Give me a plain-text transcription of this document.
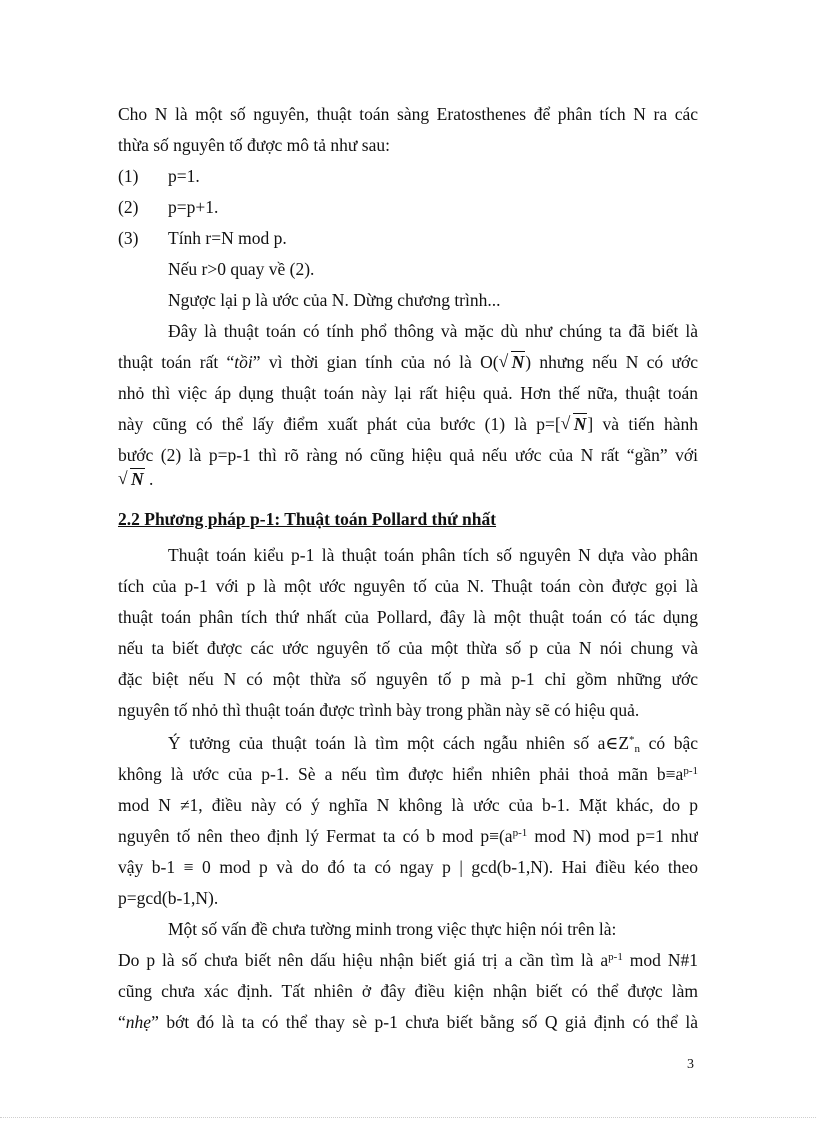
Cho N là một số nguyên, thuật toán sàng Eratosthenes để phân tích N ra các
thừa số nguyên tố được mô tả như sau:
(1) p=1.
(2) p=p+1.
(3) Tính r=N mod p.
Nếu r>0 quay về (2).
Ngược lại p là ước của N. Dừng chương trình...
Đây là thuật toán có tính phổ thông và mặc dù như chúng ta đã biết là
thuật toán rất “tồi” vì thời gian tính của nó là O( √ N) nhưng nếu N có ước
nhỏ thì việc áp dụng thuật toán này lại rất hiệu quả. Hơn thế nữa, thuật toán
này cũng có thể lấy điểm xuất phát của bước (1) là p=[ √ N] và tiến hành
bước (2) là p=p-1 thì rõ ràng nó cũng hiệu quả nếu ước của N rất “gần” với
√ N .
2.2 Phương pháp p-1: Thuật toán Pollard thứ nhất
Thuật toán kiểu p-1 là thuật toán phân tích số nguyên N dựa vào phân
tích của p-1 với p là một ước nguyên tố của N. Thuật toán còn được gọi là
thuật toán phân tích thứ nhất của Pollard, đây là một thuật toán có tác dụng
nếu ta biết được các ước nguyên tố của một thừa số p của N nói chung và
đặc biệt nếu N có một thừa số nguyên tố p mà p-1 chỉ gồm những ước
nguyên tố nhỏ thì thuật toán được trình bày trong phần này sẽ có hiệu quả.
Ý tưởng của thuật toán là tìm một cách ngẫu nhiên số $a\in Z^*_n$ có bậc
không là ước của p-1. Sè a nếu tìm được hiển nhiên phải thoả mãn $b\equiv a^{p-1}$
mod N ≠1, điều này có ý nghĩa N không là ước của b-1. Mặt khác, do p
nguyên tố nên theo định lý Fermat ta có b mod $p\equiv(a^{p-1}$ mod N) mod p=1 như
vậy b-1 ≡ 0 mod p và do đó ta có ngay p | gcd(b-1,N). Hai điều kéo theo
p=gcd(b-1,N).
Một số vấn đề chưa tường minh trong việc thực hiện nói trên là:
Do p là số chưa biết nên dấu hiệu nhận biết giá trị a cần tìm là $a^{p-1}$ mod N#1
cũng chưa xác định. Tất nhiên ở đây điều kiện nhận biết có thể được làm
“nhẹ” bớt đó là ta có thể thay sè p-1 chưa biết bằng số Q giả định có thể là
3
